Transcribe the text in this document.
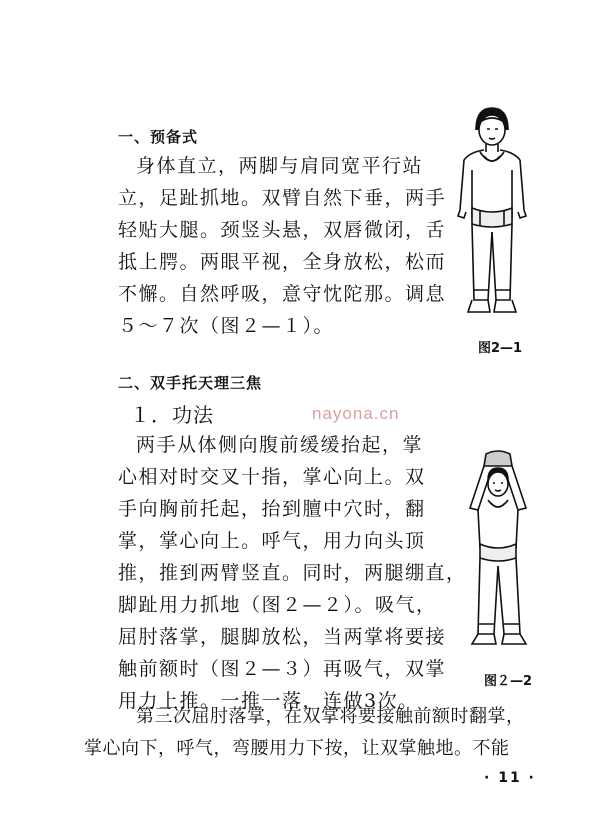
一、预备式
身体直立，两脚与肩同宽平行站
立，足趾抓地。双臂自然下垂，两手
轻贴大腿。颈竖头悬，双唇微闭，舌
抵上腭。两眼平视，全身放松，松而
不懈。自然呼吸，意守忱陀那。调息
５～７次（图２—１）。
图2—1
二、双手托天理三焦
１．功法	nayona.cn
两手从体侧向腹前缓缓抬起，掌
心相对时交叉十指，掌心向上。双
手向胸前托起，抬到膻中穴时，翻
掌，掌心向上。呼气，用力向头顶
推，推到两臂竖直。同时，两腿绷直，
脚趾用力抓地（图２—２）。吸气，
屈肘落掌，腿脚放松，当两掌将要接
触前额时（图２—３）再吸气，双掌
用力上推。一推一落，连做3次。
图２—2
第三次屈肘落掌，在双掌将要接触前额时翻掌，
掌心向下，呼气，弯腰用力下按，让双掌触地。不能
· 11 ·
